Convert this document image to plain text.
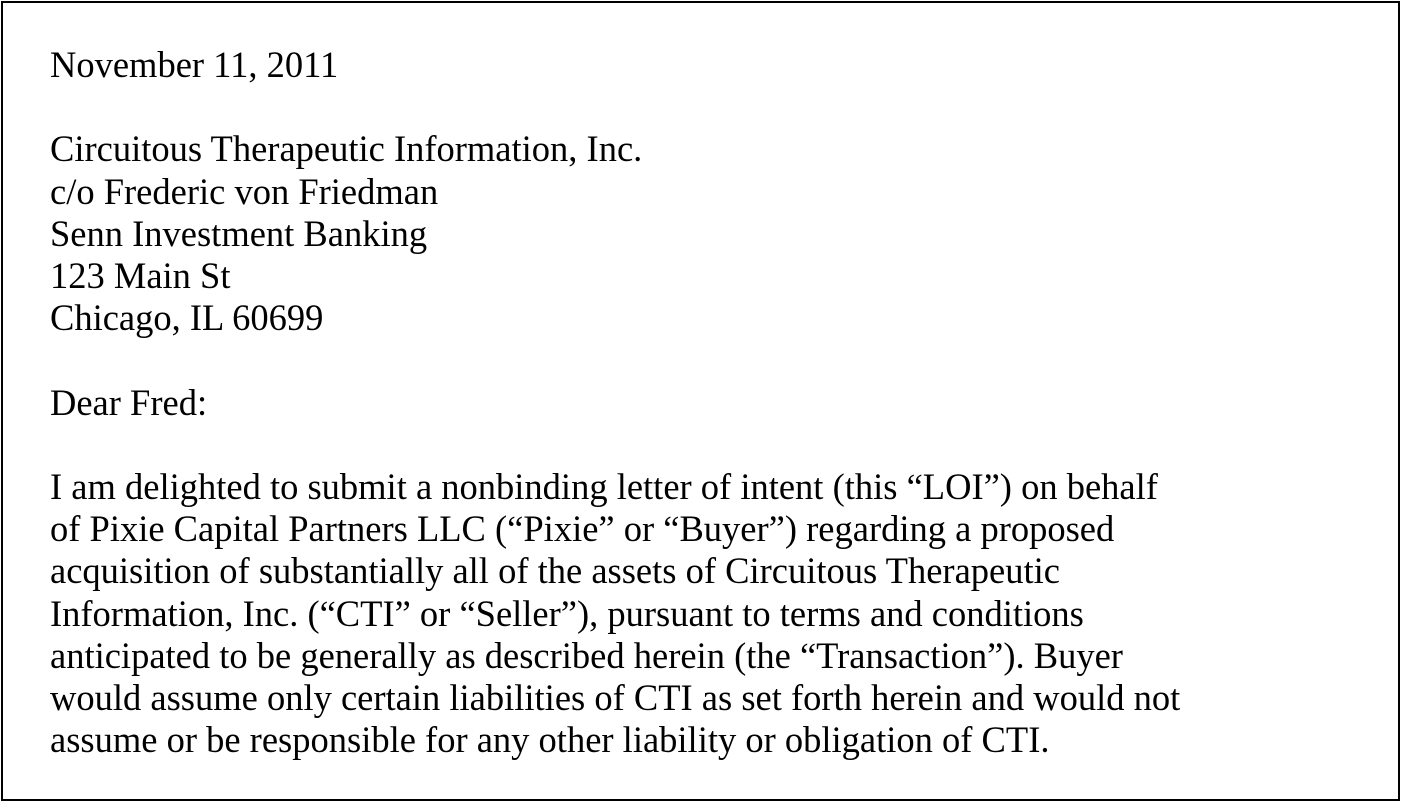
November 11, 2011
Circuitous Therapeutic Information, Inc.
c/o Frederic von Friedman
Senn Investment Banking
123 Main St
Chicago, IL 60699
Dear Fred:
I am delighted to submit a nonbinding letter of intent (this “LOI”) on behalf
of Pixie Capital Partners LLC (“Pixie” or “Buyer”) regarding a proposed
acquisition of substantially all of the assets of Circuitous Therapeutic
Information, Inc. (“CTI” or “Seller”), pursuant to terms and conditions
anticipated to be generally as described herein (the “Transaction”). Buyer
would assume only certain liabilities of CTI as set forth herein and would not
assume or be responsible for any other liability or obligation of CTI.
